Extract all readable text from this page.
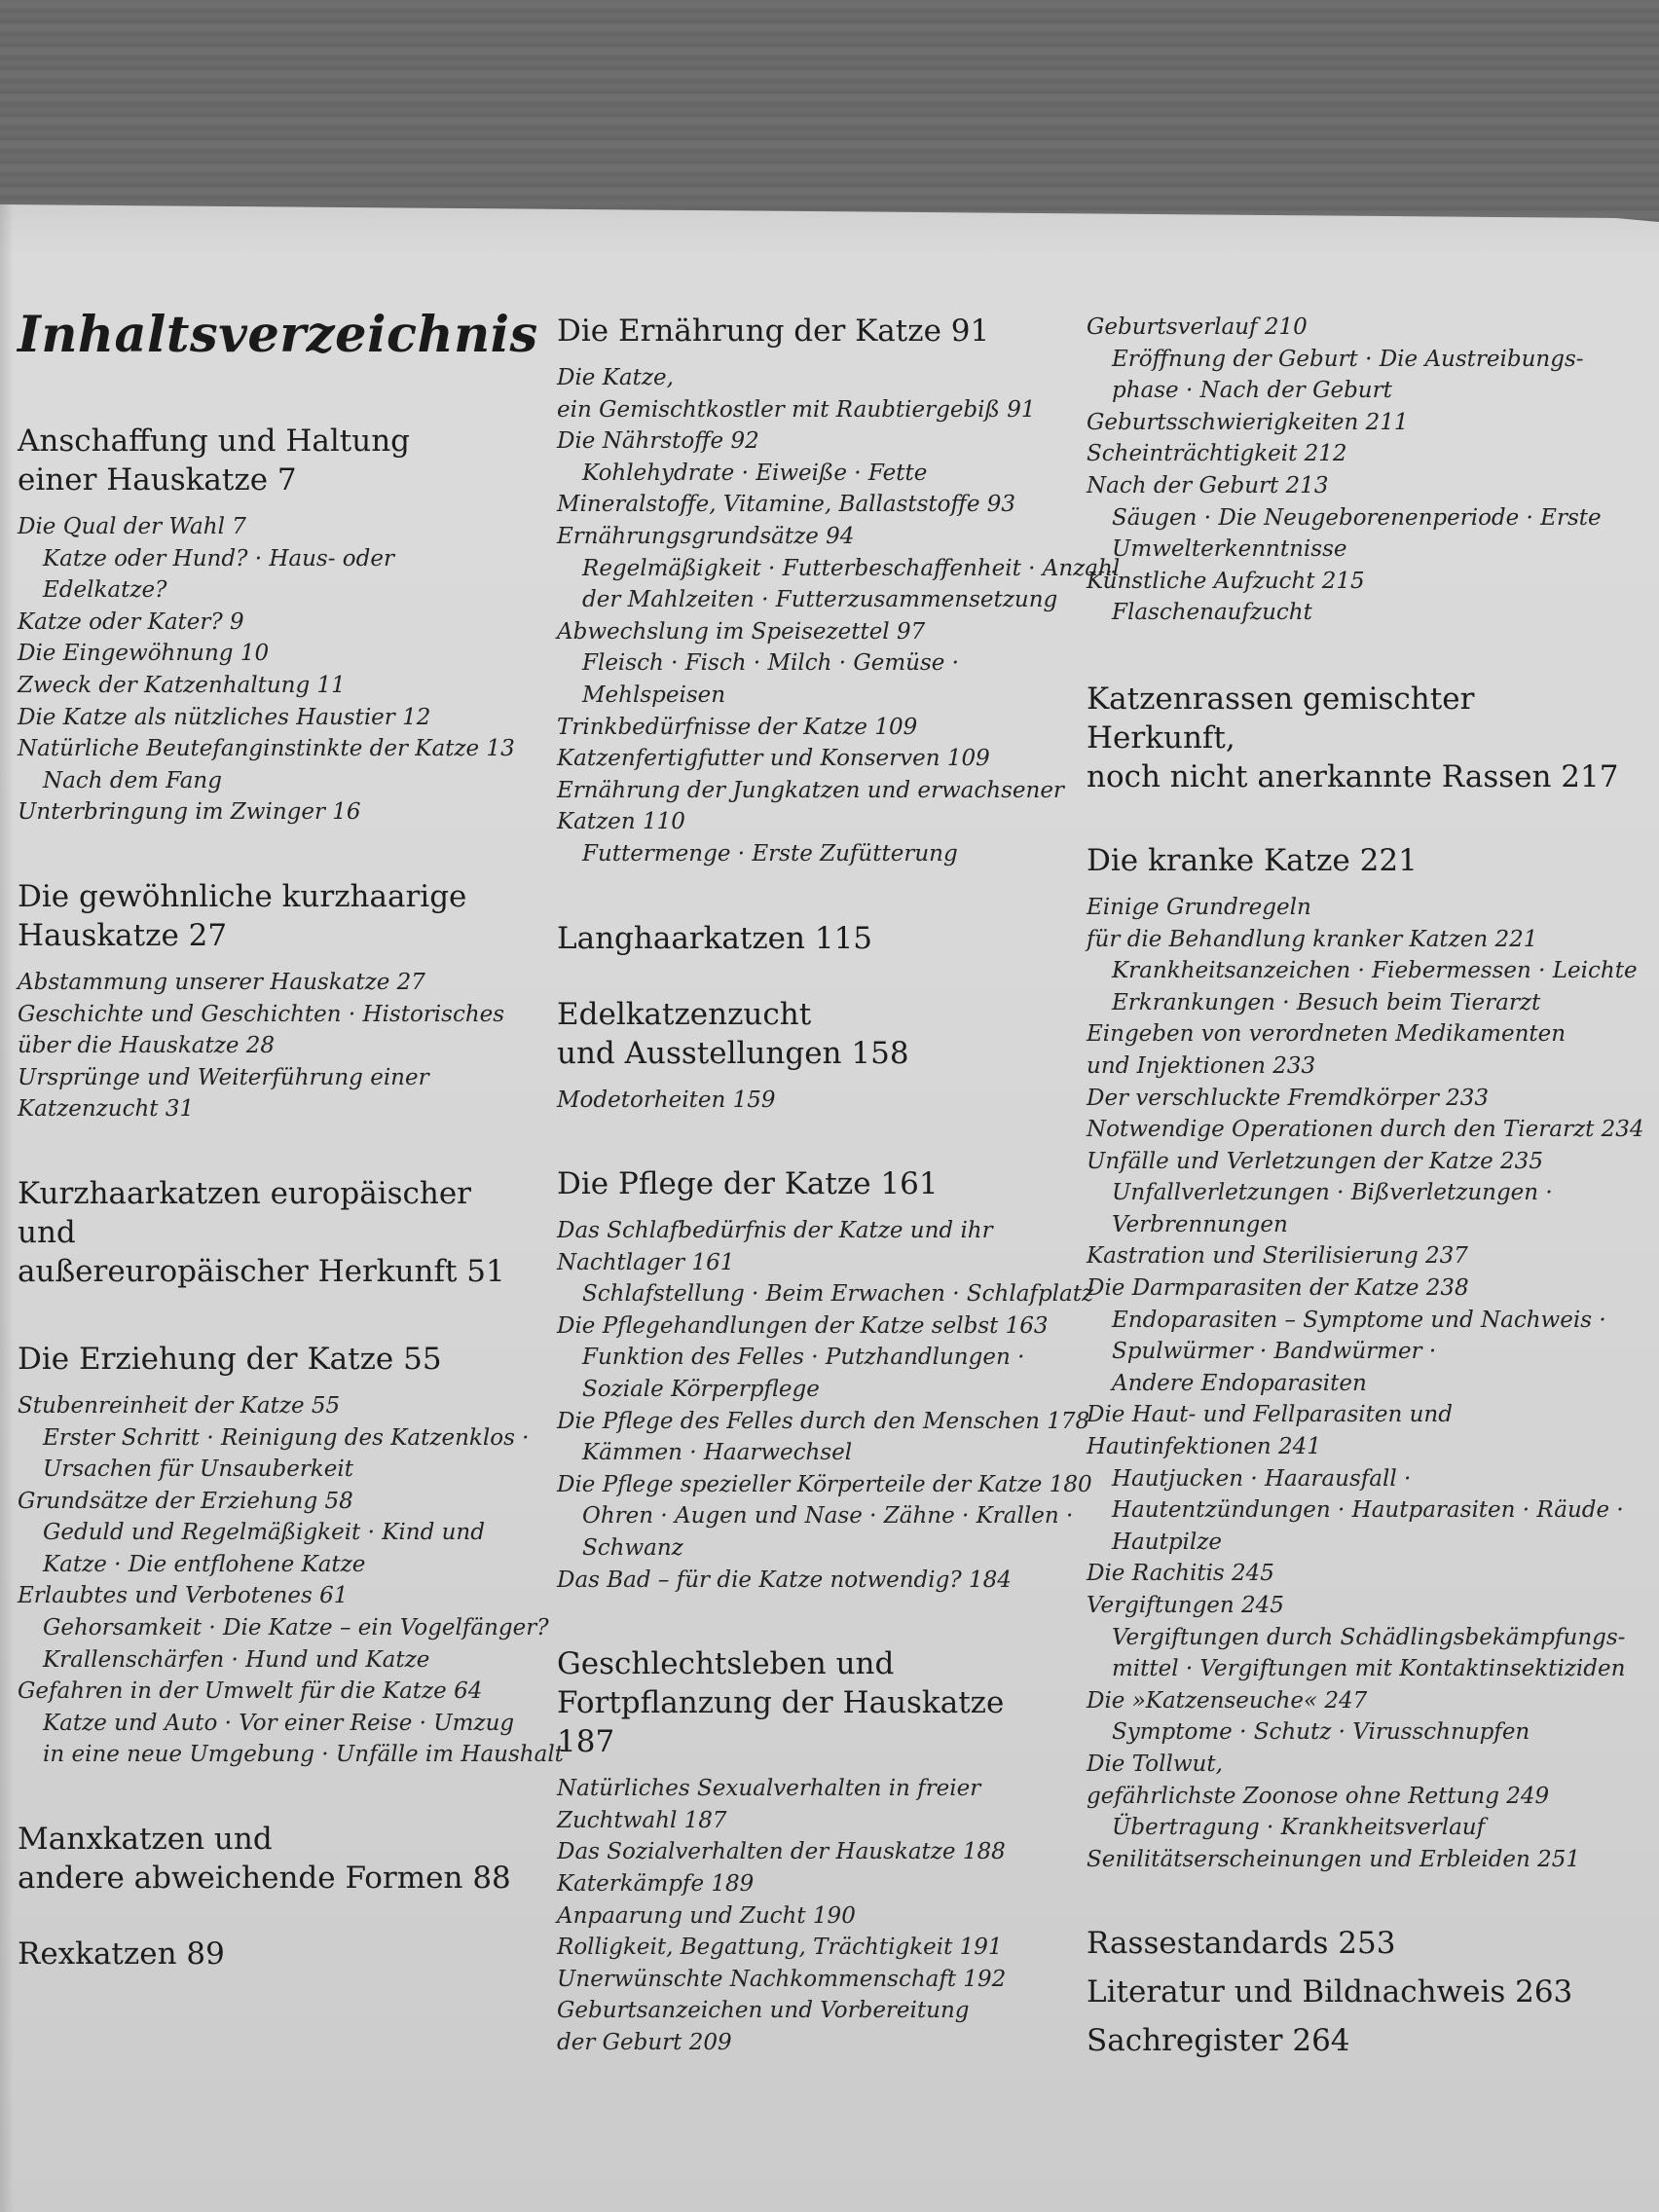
Inhaltsverzeichnis
Anschaffung und Haltung
einer Hauskatze 7
Die Qual der Wahl 7
Katze oder Hund? · Haus- oder
Edelkatze?
Katze oder Kater? 9
Die Eingewöhnung 10
Zweck der Katzenhaltung 11
Die Katze als nützliches Haustier 12
Natürliche Beutefanginstinkte der Katze 13
Nach dem Fang
Unterbringung im Zwinger 16
Die gewöhnliche kurzhaarige
Hauskatze 27
Abstammung unserer Hauskatze 27
Geschichte und Geschichten · Historisches
über die Hauskatze 28
Ursprünge und Weiterführung einer
Katzenzucht 31
Kurzhaarkatzen europäischer und
außereuropäischer Herkunft 51
Die Erziehung der Katze 55
Stubenreinheit der Katze 55
Erster Schritt · Reinigung des Katzenklos ·
Ursachen für Unsauberkeit
Grundsätze der Erziehung 58
Geduld und Regelmäßigkeit · Kind und
Katze · Die entflohene Katze
Erlaubtes und Verbotenes 61
Gehorsamkeit · Die Katze – ein Vogelfänger?
Krallenschärfen · Hund und Katze
Gefahren in der Umwelt für die Katze 64
Katze und Auto · Vor einer Reise · Umzug
in eine neue Umgebung · Unfälle im Haushalt
Manxkatzen und
andere abweichende Formen 88
Rexkatzen 89
Die Ernährung der Katze 91
Die Katze,
ein Gemischtkostler mit Raubtiergebiß 91
Die Nährstoffe 92
Kohlehydrate · Eiweiße · Fette
Mineralstoffe, Vitamine, Ballaststoffe 93
Ernährungsgrundsätze 94
Regelmäßigkeit · Futterbeschaffenheit · Anzahl
der Mahlzeiten · Futterzusammensetzung
Abwechslung im Speisezettel 97
Fleisch · Fisch · Milch · Gemüse ·
Mehlspeisen
Trinkbedürfnisse der Katze 109
Katzenfertigfutter und Konserven 109
Ernährung der Jungkatzen und erwachsener
Katzen 110
Futtermenge · Erste Zufütterung
Langhaarkatzen 115
Edelkatzenzucht
und Ausstellungen 158
Modetorheiten 159
Die Pflege der Katze 161
Das Schlafbedürfnis der Katze und ihr
Nachtlager 161
Schlafstellung · Beim Erwachen · Schlafplatz
Die Pflegehandlungen der Katze selbst 163
Funktion des Felles · Putzhandlungen ·
Soziale Körperpflege
Die Pflege des Felles durch den Menschen 178
Kämmen · Haarwechsel
Die Pflege spezieller Körperteile der Katze 180
Ohren · Augen und Nase · Zähne · Krallen ·
Schwanz
Das Bad – für die Katze notwendig? 184
Geschlechtsleben und
Fortpflanzung der Hauskatze 187
Natürliches Sexualverhalten in freier
Zuchtwahl 187
Das Sozialverhalten der Hauskatze 188
Katerkämpfe 189
Anpaarung und Zucht 190
Rolligkeit, Begattung, Trächtigkeit 191
Unerwünschte Nachkommenschaft 192
Geburtsanzeichen und Vorbereitung
der Geburt 209
Geburtsverlauf 210
Eröffnung der Geburt · Die Austreibungs-
phase · Nach der Geburt
Geburtsschwierigkeiten 211
Scheinträchtigkeit 212
Nach der Geburt 213
Säugen · Die Neugeborenenperiode · Erste
Umwelterkenntnisse
Künstliche Aufzucht 215
Flaschenaufzucht
Katzenrassen gemischter Herkunft,
noch nicht anerkannte Rassen 217
Die kranke Katze 221
Einige Grundregeln
für die Behandlung kranker Katzen 221
Krankheitsanzeichen · Fiebermessen · Leichte
Erkrankungen · Besuch beim Tierarzt
Eingeben von verordneten Medikamenten
und Injektionen 233
Der verschluckte Fremdkörper 233
Notwendige Operationen durch den Tierarzt 234
Unfälle und Verletzungen der Katze 235
Unfallverletzungen · Bißverletzungen ·
Verbrennungen
Kastration und Sterilisierung 237
Die Darmparasiten der Katze 238
Endoparasiten – Symptome und Nachweis ·
Spulwürmer · Bandwürmer ·
Andere Endoparasiten
Die Haut- und Fellparasiten und
Hautinfektionen 241
Hautjucken · Haarausfall ·
Hautentzündungen · Hautparasiten · Räude ·
Hautpilze
Die Rachitis 245
Vergiftungen 245
Vergiftungen durch Schädlingsbekämpfungs-
mittel · Vergiftungen mit Kontaktinsektiziden
Die »Katzenseuche« 247
Symptome · Schutz · Virusschnupfen
Die Tollwut,
gefährlichste Zoonose ohne Rettung 249
Übertragung · Krankheitsverlauf
Senilitätserscheinungen und Erbleiden 251
Rassestandards 253
Literatur und Bildnachweis 263
Sachregister 264
